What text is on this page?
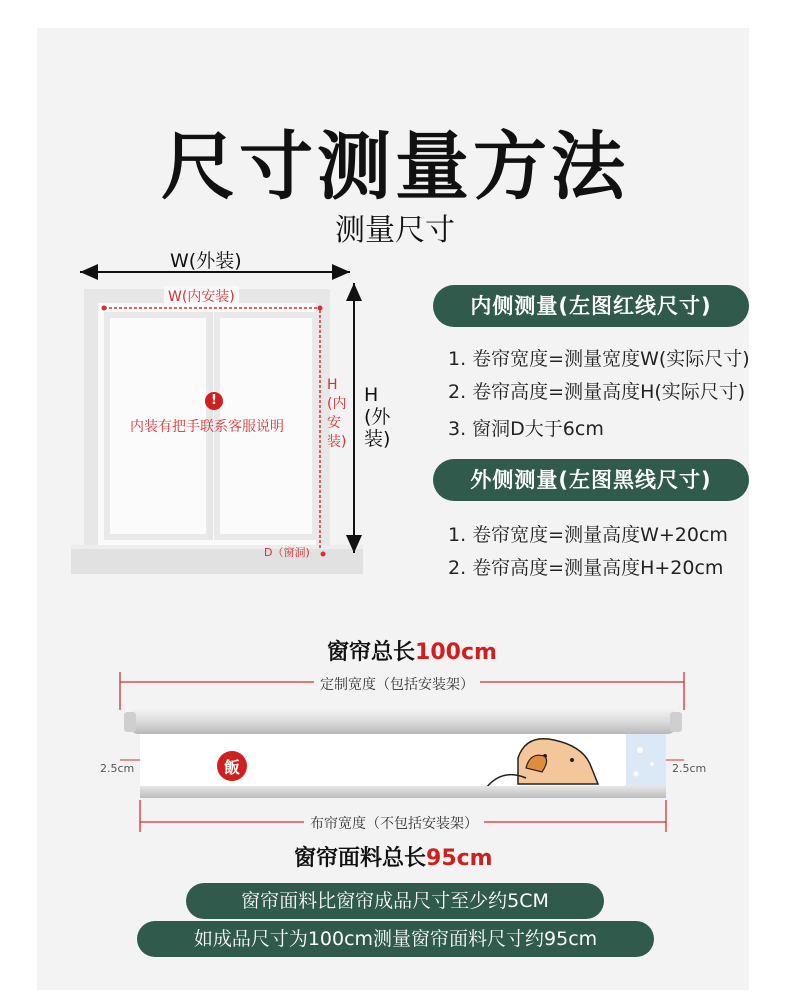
尺寸测量方法
测量尺寸
W(外装)
W(内安装)
H(外装)
H(内安装)
D（窗洞)
!
内装有把手联系客服说明
内侧测量(左图红线尺寸)
1. 卷帘宽度=测量宽度W(实际尺寸)
2. 卷帘高度=测量高度H(实际尺寸)
3. 窗洞D大于6cm
外侧测量(左图黑线尺寸)
1. 卷帘宽度=测量高度W+20cm
2. 卷帘高度=测量高度H+20cm
窗帘总长100cm
定制宽度（包括安装架）
布帘宽度（不包括安装架）
2.5cm	2.5cm
飯
窗帘面料总长95cm
窗帘面料比窗帘成品尺寸至少约5CM
如成品尺寸为100cm测量窗帘面料尺寸约95cm
